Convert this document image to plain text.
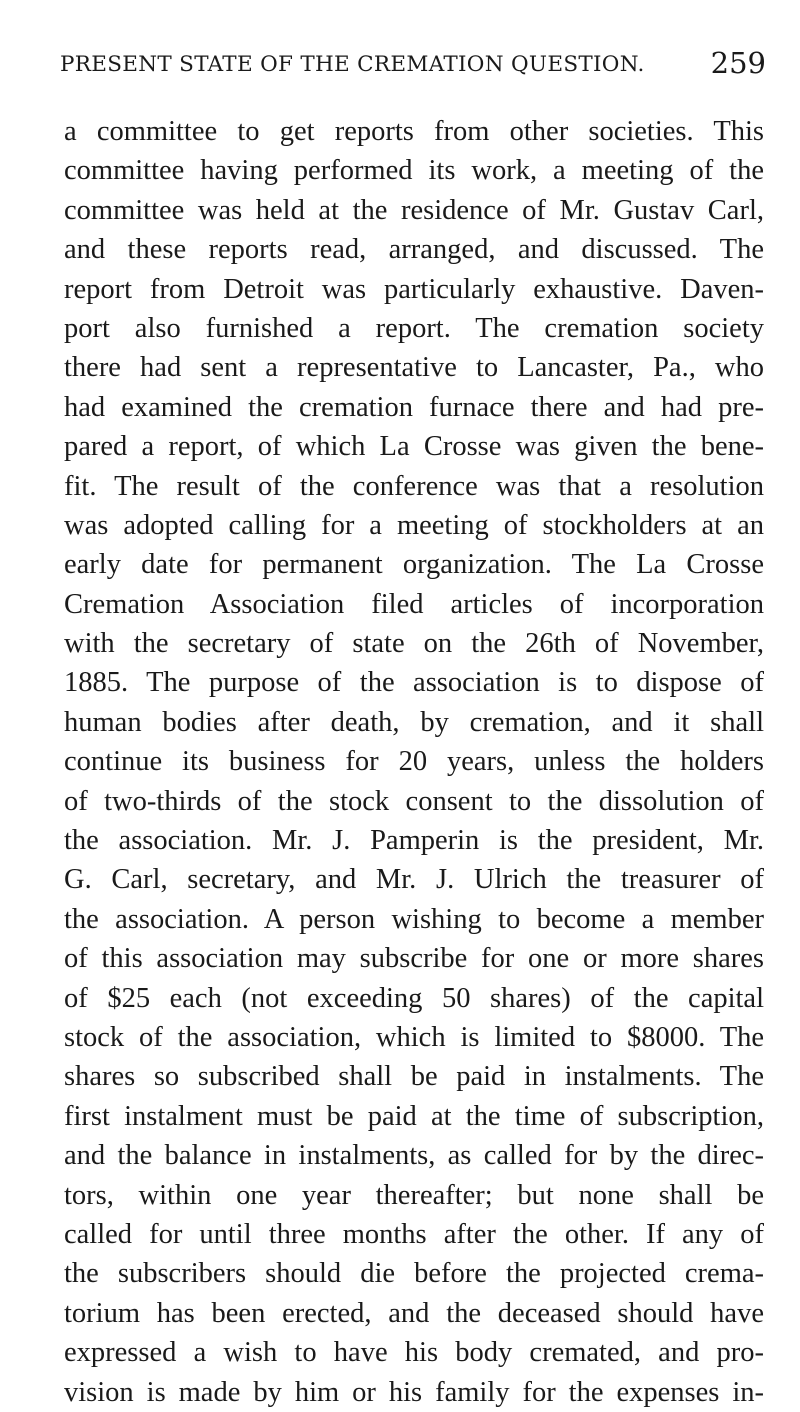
PRESENT STATE OF THE CREMATION QUESTION.	259
a committee to get reports from other societies. This
committee having performed its work, a meeting of the
committee was held at the residence of Mr. Gustav Carl,
and these reports read, arranged, and discussed. The
report from Detroit was particularly exhaustive. Daven-
port also furnished a report. The cremation society
there had sent a representative to Lancaster, Pa., who
had examined the cremation furnace there and had pre-
pared a report, of which La Crosse was given the bene-
fit. The result of the conference was that a resolution
was adopted calling for a meeting of stockholders at an
early date for permanent organization. The La Crosse
Cremation Association filed articles of incorporation
with the secretary of state on the 26th of November,
1885. The purpose of the association is to dispose of
human bodies after death, by cremation, and it shall
continue its business for 20 years, unless the holders
of two-thirds of the stock consent to the dissolution of
the association. Mr. J. Pamperin is the president, Mr.
G. Carl, secretary, and Mr. J. Ulrich the treasurer of
the association. A person wishing to become a member
of this association may subscribe for one or more shares
of $25 each (not exceeding 50 shares) of the capital
stock of the association, which is limited to $8000. The
shares so subscribed shall be paid in instalments. The
first instalment must be paid at the time of subscription,
and the balance in instalments, as called for by the direc-
tors, within one year thereafter; but none shall be
called for until three months after the other. If any of
the subscribers should die before the projected crema-
torium has been erected, and the deceased should have
expressed a wish to have his body cremated, and pro-
vision is made by him or his family for the expenses in-
